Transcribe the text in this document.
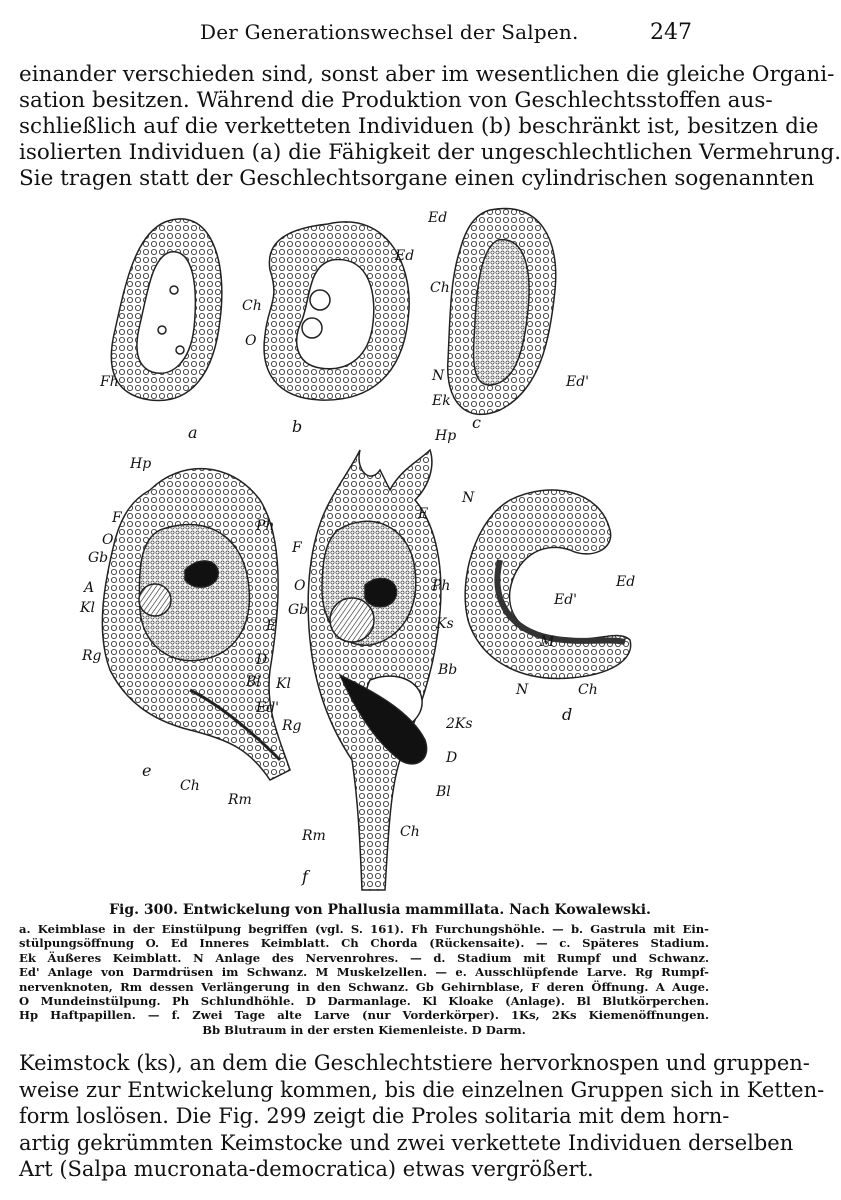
Der Generationswechsel der Salpen.	247
einander verschieden sind, sonst aber im wesentlichen die gleiche Organi-
sation besitzen. Während die Produktion von Geschlechtsstoffen aus-
schließlich auf die verketteten Individuen (b) beschränkt ist, besitzen die
isolierten Individuen (a) die Fähigkeit der ungeschlechtlichen Vermehrung.
Sie tragen statt der Geschlechtsorgane einen cylindrischen sogenannten
Fh
a
Ed
Ch
O
b
Ed
Ch
N
Ek
Ed'
c
Hp
F
O
Gb
A
Kl
Rg
Ph
E
D
Bl
Ed'
Ch
Rm
e
Hp
E
F
O	Ph
Gb
Ks
Kl
Bb
Rg	2Ks
D
Bl
Rm	Ch
f
N
Ed
Ed'
M
N	Ch
d
Fig. 300. Entwickelung von Phallusia mammillata. Nach Kowalewski.
a. Keimblase in der Einstülpung begriffen (vgl. S. 161). Fh Furchungshöhle. — b. Gastrula mit Ein-
stülpungsöffnung O. Ed Inneres Keimblatt. Ch Chorda (Rückensaite). — c. Späteres Stadium.
Ek Äußeres Keimblatt. N Anlage des Nervenrohres. — d. Stadium mit Rumpf und Schwanz.
Ed' Anlage von Darmdrüsen im Schwanz. M Muskelzellen. — e. Ausschlüpfende Larve. Rg Rumpf-
nervenknoten, Rm dessen Verlängerung in den Schwanz. Gb Gehirnblase, F deren Öffnung. A Auge.
O Mundeinstülpung. Ph Schlundhöhle. D Darmanlage. Kl Kloake (Anlage). Bl Blutkörperchen.
Hp Haftpapillen. — f. Zwei Tage alte Larve (nur Vorderkörper). 1Ks, 2Ks Kiemenöffnungen.
Bb Blutraum in der ersten Kiemenleiste. D Darm.
Keimstock (ks), an dem die Geschlechtstiere hervorknospen und gruppen-
weise zur Entwickelung kommen, bis die einzelnen Gruppen sich in Ketten-
form loslösen. Die Fig. 299 zeigt die Proles solitaria mit dem horn-
artig gekrümmten Keimstocke und zwei verkettete Individuen derselben
Art (Salpa mucronata-democratica) etwas vergrößert.
